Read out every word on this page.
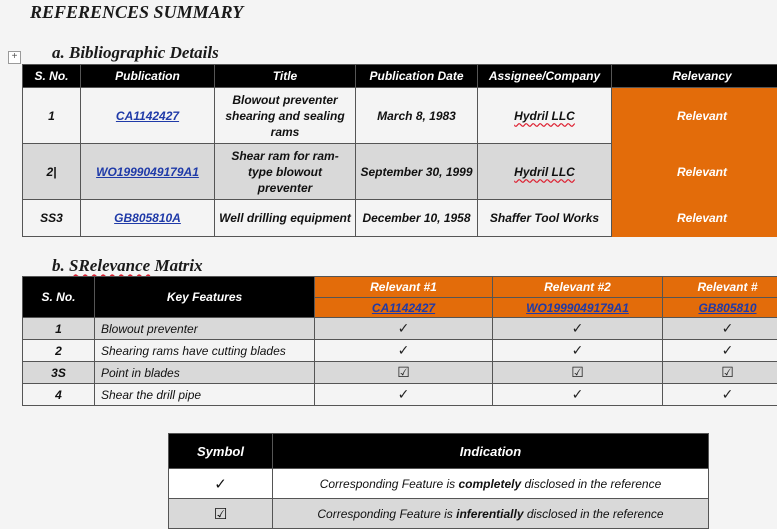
REFERENCES SUMMARY
+ a. Bibliographic Details
S. No.	Publication	Title	Publication Date	Assignee/Company	Relevancy
1	CA1142427	Blowout preventer shearing and sealing rams	March 8, 1983	Hydril LLC	Relevant
2|	WO1999049179A1	Shear ram for ram-type blowout preventer	September 30, 1999	Hydril LLC	Relevant
SS3	GB805810A	Well drilling equipment	December 10, 1958	Shaffer Tool Works	Relevant
b. SRelevance Matrix
S. No.	Key Features	Relevant #1	Relevant #2	Relevant #
		CA1142427	WO1999049179A1	GB805810
1	Blowout preventer	✓	✓	✓
2	Shearing rams have cutting blades	✓	✓	✓
3S	Point in blades	☑	☑	☑
4	Shear the drill pipe	✓	✓	✓
Symbol	Indication
✓	Corresponding Feature is completely disclosed in the reference
☑	Corresponding Feature is inferentially disclosed in the reference
